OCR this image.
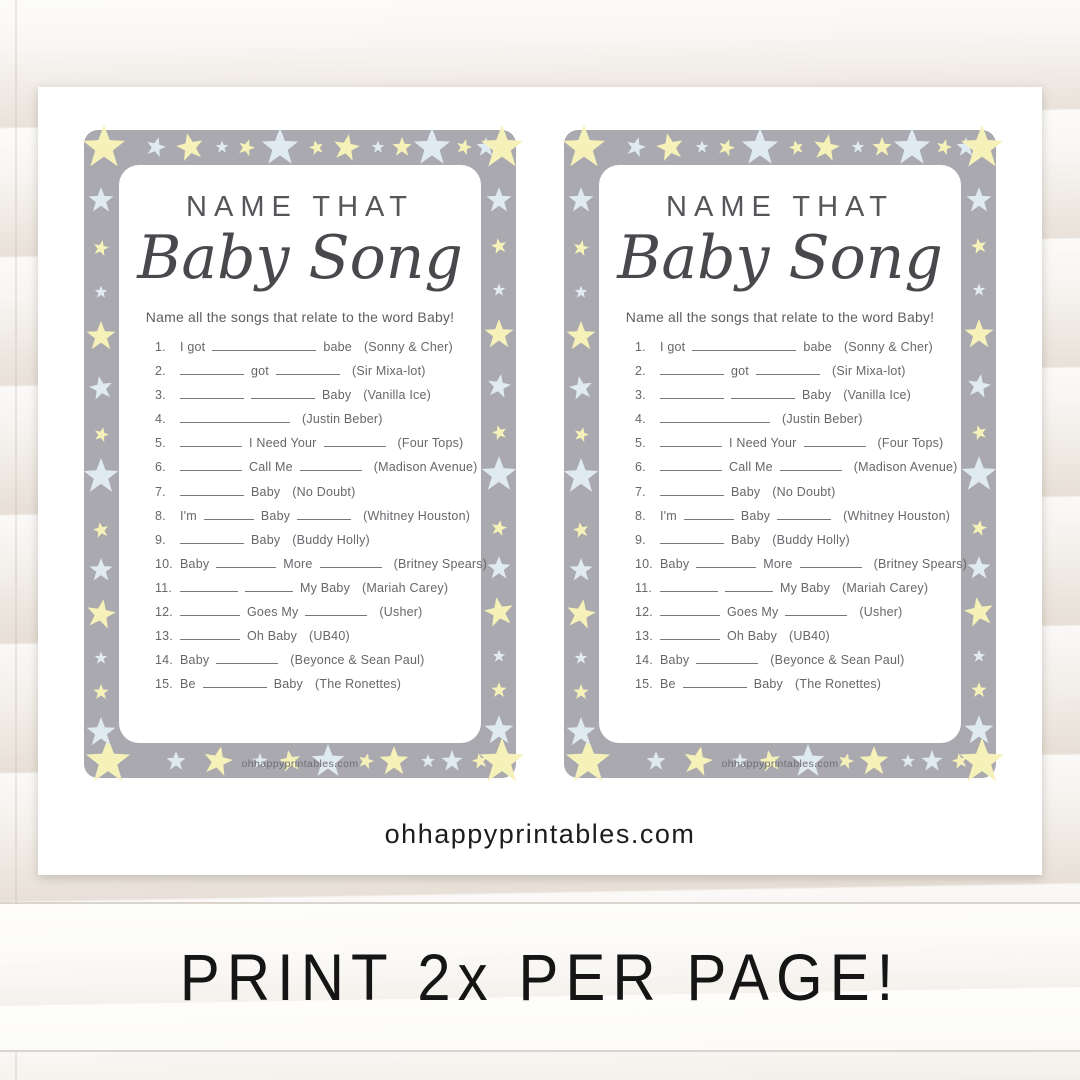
NAME THAT
Baby Song
Name all the songs that relate to the word Baby!
1.	I got	babe (Sonny & Cher)
2.	got	(Sir Mixa-lot)
3.	Baby (Vanilla Ice)
4.	(Justin Beber)
5.	I Need Your	(Four Tops)
6.	Call Me	(Madison Avenue)
7.	Baby (No Doubt)
8.	I'm	Baby	(Whitney Houston)
9.	Baby (Buddy Holly)
10. Baby	More	(Britney Spears)
11.	My Baby (Mariah Carey)
12.	Goes My	(Usher)
13.	Oh Baby (UB40)
14. Baby	(Beyonce & Sean Paul)
15. Be	Baby (The Ronettes)
ohhappyprintables.com
NAME THAT
Baby Song
Name all the songs that relate to the word Baby!
1.	I got	babe (Sonny & Cher)
2.	got	(Sir Mixa-lot)
3.	Baby (Vanilla Ice)
4.	(Justin Beber)
5.	I Need Your	(Four Tops)
6.	Call Me	(Madison Avenue)
7.	Baby (No Doubt)
8.	I'm	Baby	(Whitney Houston)
9.	Baby (Buddy Holly)
10. Baby	More	(Britney Spears)
11.	My Baby (Mariah Carey)
12.	Goes My	(Usher)
13.	Oh Baby (UB40)
14. Baby	(Beyonce & Sean Paul)
15. Be	Baby (The Ronettes)
ohhappyprintables.com
ohhappyprintables.com
PRINT 2x PER PAGE!
